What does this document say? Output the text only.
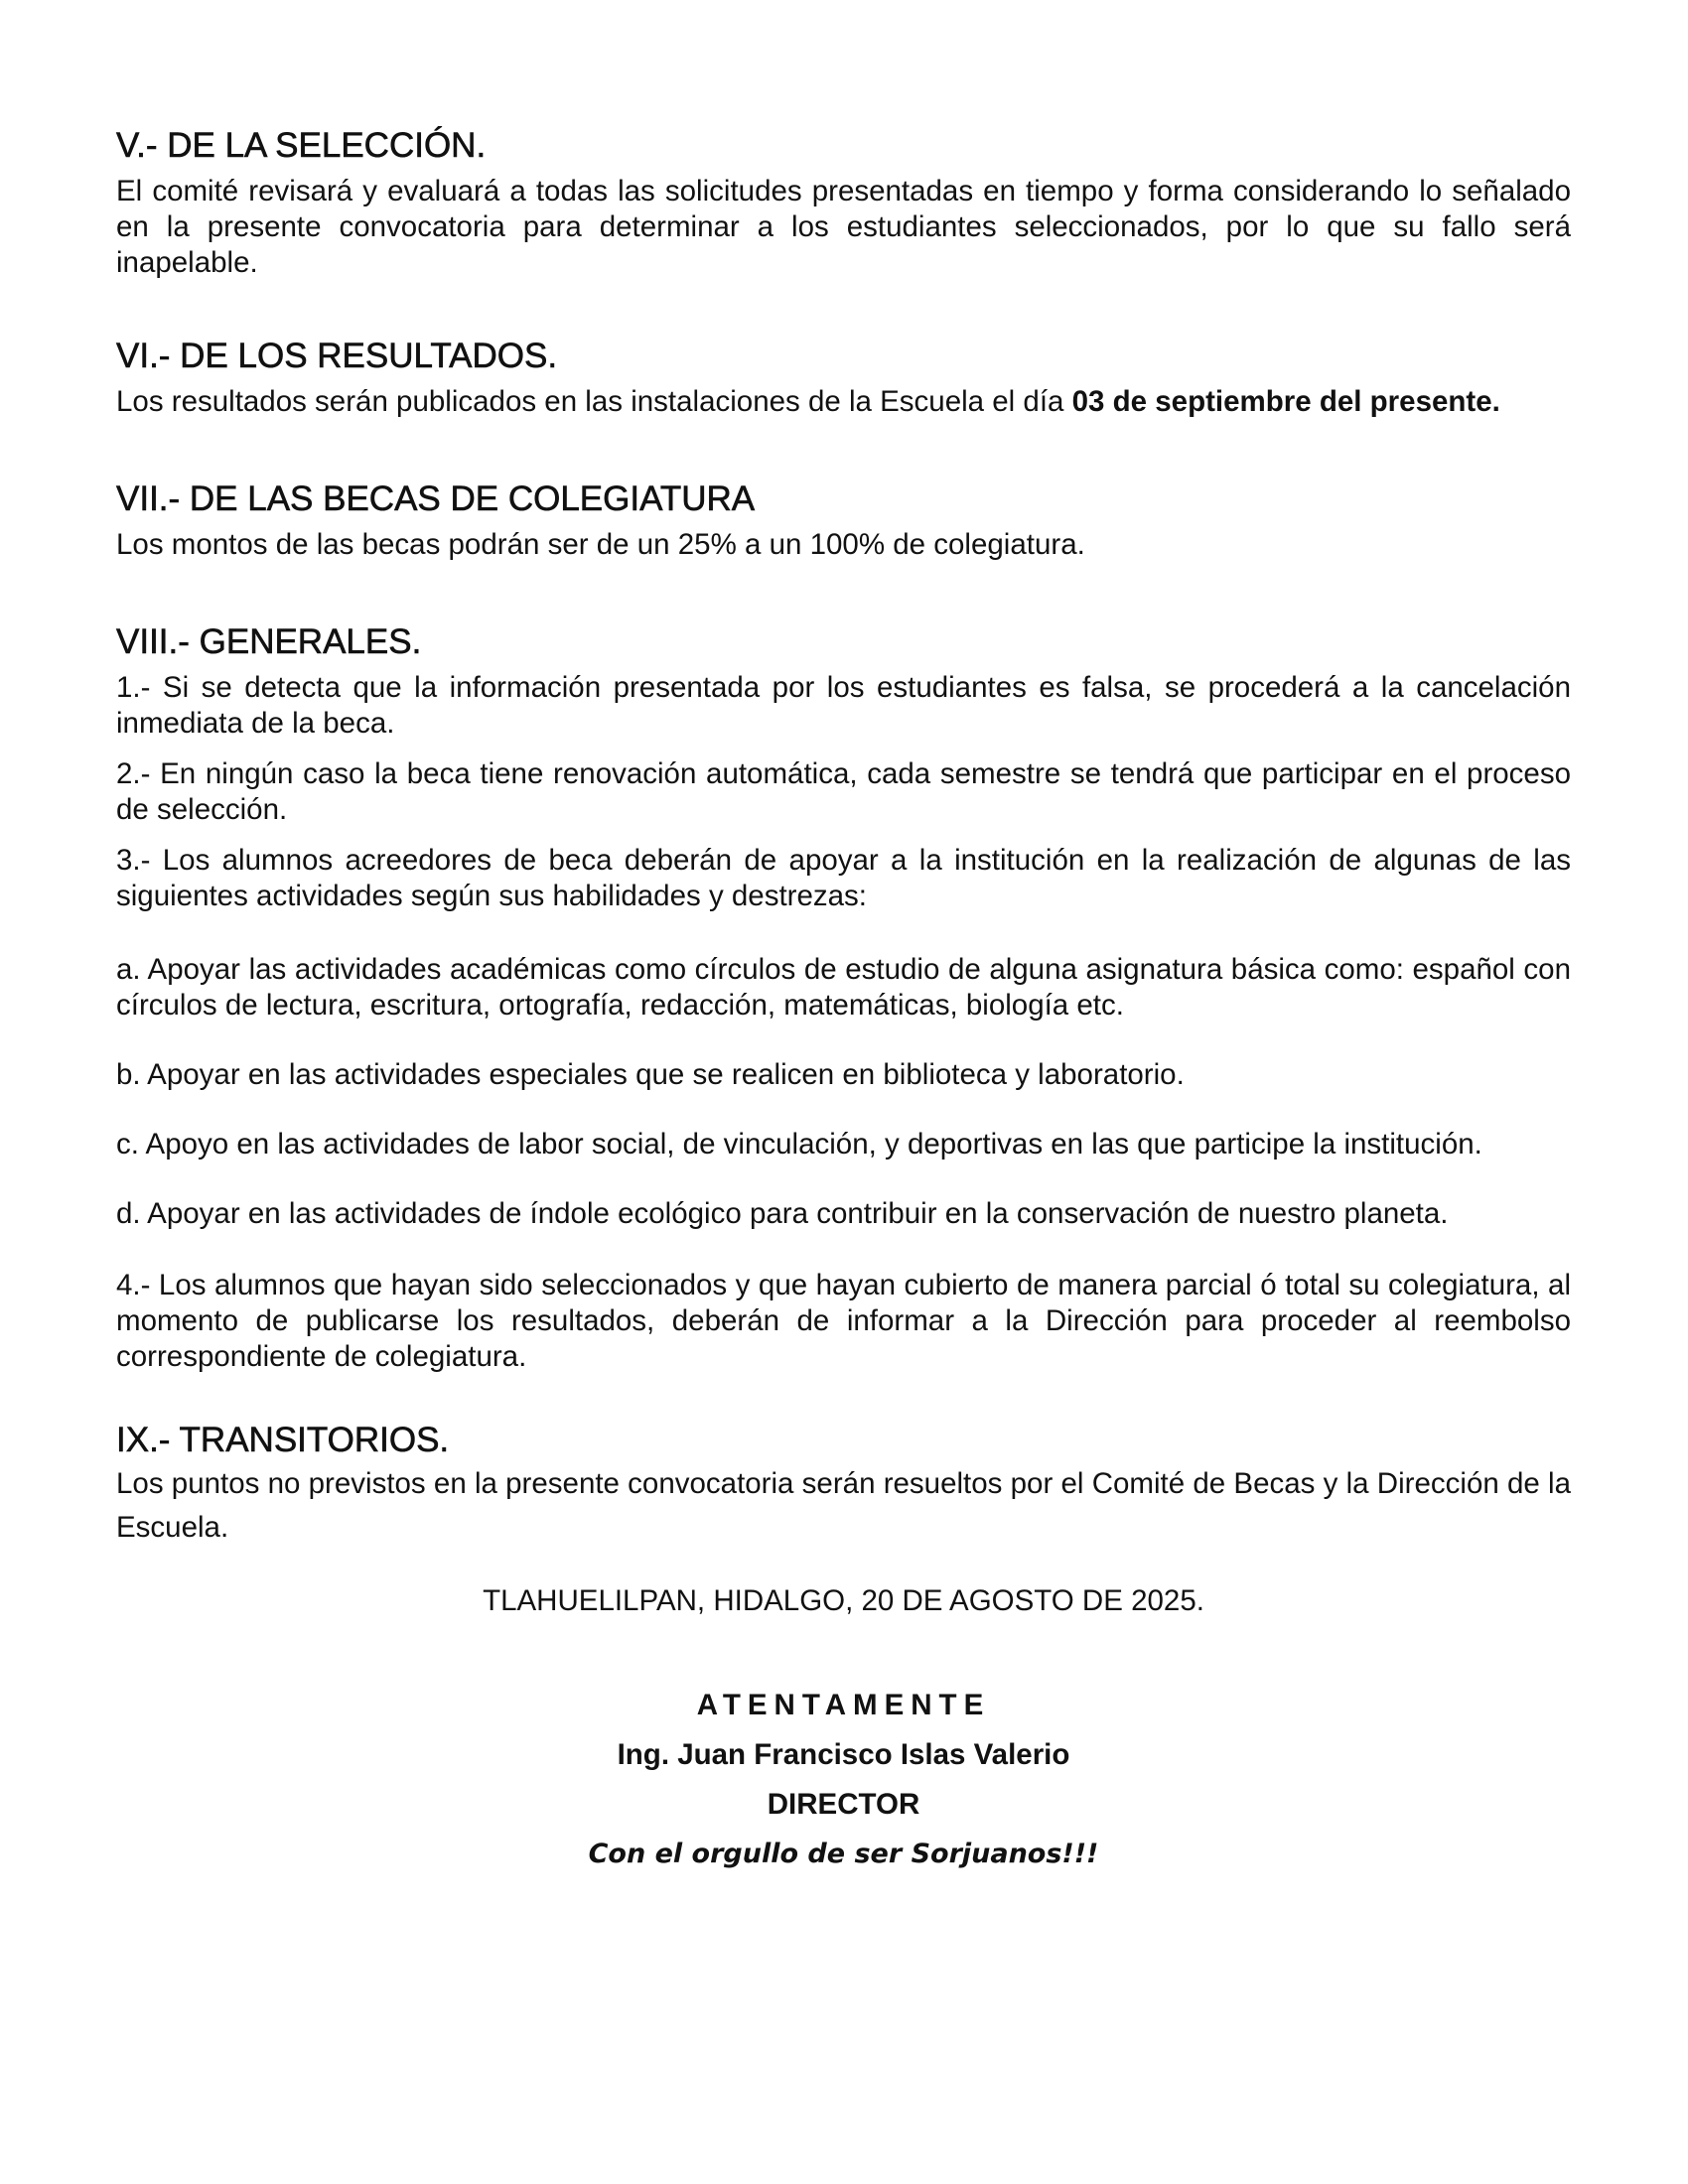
V.- DE LA SELECCIÓN.

El comité revisará y evaluará a todas las solicitudes presentadas en tiempo y forma considerando lo señalado en la presente convocatoria para determinar a los estudiantes seleccionados, por lo que su fallo será inapelable.

VI.- DE LOS RESULTADOS.

Los resultados serán publicados en las instalaciones de la Escuela el día 03 de septiembre del presente.

VII.- DE LAS BECAS DE COLEGIATURA

Los montos de las becas podrán ser de un 25% a un 100% de colegiatura.

VIII.- GENERALES.

1.- Si se detecta que la información presentada por los estudiantes es falsa, se procederá a la cancelación inmediata de la beca.

2.- En ningún caso la beca tiene renovación automática, cada semestre se tendrá que participar en el proceso de selección.

3.- Los alumnos acreedores de beca deberán de apoyar a la institución en la realización de algunas de las siguientes actividades según sus habilidades y destrezas:

a. Apoyar las actividades académicas como círculos de estudio de alguna asignatura básica como: español con círculos de lectura, escritura, ortografía, redacción, matemáticas, biología etc.

b. Apoyar en las actividades especiales que se realicen en biblioteca y laboratorio.

c. Apoyo en las actividades de labor social, de vinculación, y deportivas en las que participe la institución.

d. Apoyar en las actividades de índole ecológico para contribuir en la conservación de nuestro planeta.

4.- Los alumnos que hayan sido seleccionados y que hayan cubierto de manera parcial ó total su colegiatura, al momento de publicarse los resultados, deberán de informar a la Dirección para proceder al reembolso correspondiente de colegiatura.

IX.- TRANSITORIOS.

Los puntos no previstos en la presente convocatoria serán resueltos por el Comité de Becas y la Dirección de la Escuela.

TLAHUELILPAN, HIDALGO, 20 DE AGOSTO DE 2025.

ATENTAMENTE

Ing. Juan Francisco Islas Valerio

DIRECTOR

Con el orgullo de ser Sorjuanos!!!
